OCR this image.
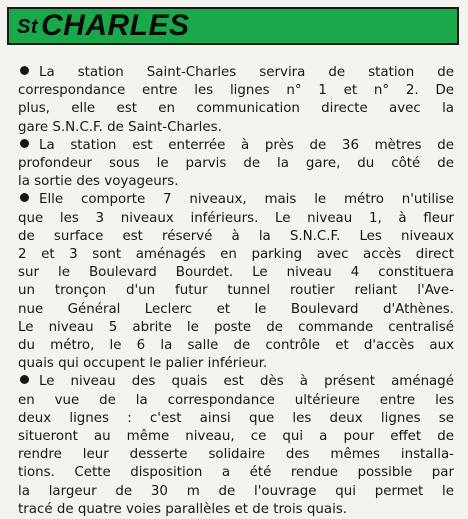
$^{St}$ CHARLES
La station Saint-Charles servira de station de
correspondance entre les lignes n° 1 et n° 2. De
plus, elle est en communication directe avec la
gare S.N.C.F. de Saint-Charles.
La station est enterrée à près de 36 mètres de
profondeur sous le parvis de la gare, du côté de
la sortie des voyageurs.
Elle comporte 7 niveaux, mais le métro n'utilise
que les 3 niveaux inférieurs. Le niveau 1, à fleur
de surface est réservé à la S.N.C.F. Les niveaux
2 et 3 sont aménagés en parking avec accès direct
sur le Boulevard Bourdet. Le niveau 4 constituera
un tronçon d'un futur tunnel routier reliant l'Ave-
nue Général Leclerc et le Boulevard d'Athènes.
Le niveau 5 abrite le poste de commande centralisé
du métro, le 6 la salle de contrôle et d'accès aux
quais qui occupent le palier inférieur.
Le niveau des quais est dès à présent aménagé
en vue de la correspondance ultérieure entre les
deux lignes : c'est ainsi que les deux lignes se
situeront au même niveau, ce qui a pour effet de
rendre leur desserte solidaire des mêmes installa-
tions. Cette disposition a été rendue possible par
la largeur de 30 m de l'ouvrage qui permet le
tracé de quatre voies parallèles et de trois quais.
